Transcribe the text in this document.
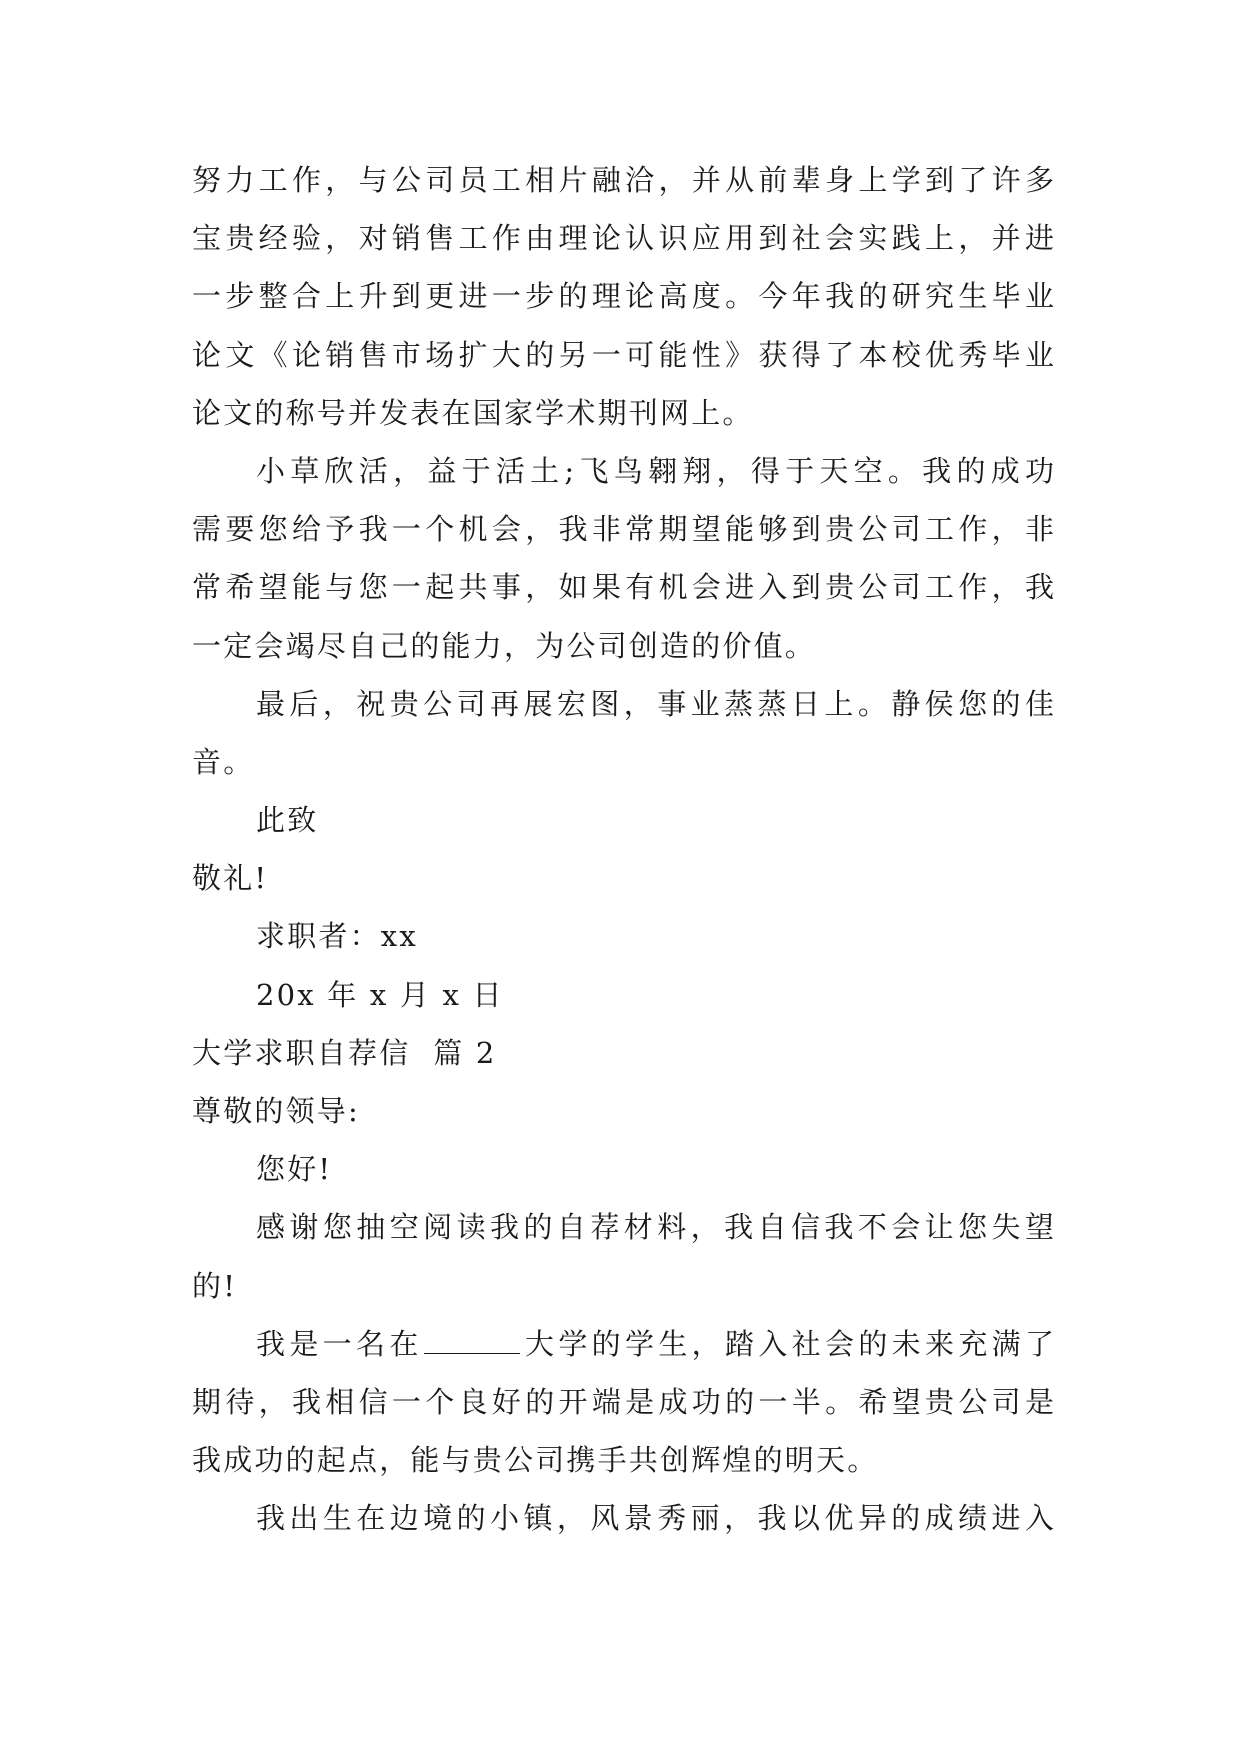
努力工作，与公司员工相片融洽，并从前辈身上学到了许多
宝贵经验，对销售工作由理论认识应用到社会实践上，并进
一步整合上升到更进一步的理论高度。今年我的研究生毕业
论文《论销售市场扩大的另一可能性》获得了本校优秀毕业
论文的称号并发表在国家学术期刊网上。
小草欣活，益于活土;飞鸟翱翔，得于天空。我的成功
需要您给予我一个机会，我非常期望能够到贵公司工作，非
常希望能与您一起共事，如果有机会进入到贵公司工作，我
一定会竭尽自己的能力，为公司创造的价值。
最后，祝贵公司再展宏图，事业蒸蒸日上。静侯您的佳
音。
此致
敬礼!
求职者：xx
20x 年 x 月 x 日
大学求职自荐信  篇 2
尊敬的领导:
您好!
感谢您抽空阅读我的自荐材料，我自信我不会让您失望
的!
我是一名在	大学的学生，踏入社会的未来充满了
期待，我相信一个良好的开端是成功的一半。希望贵公司是
我成功的起点，能与贵公司携手共创辉煌的明天。
我出生在边境的小镇，风景秀丽，我以优异的成绩进入
